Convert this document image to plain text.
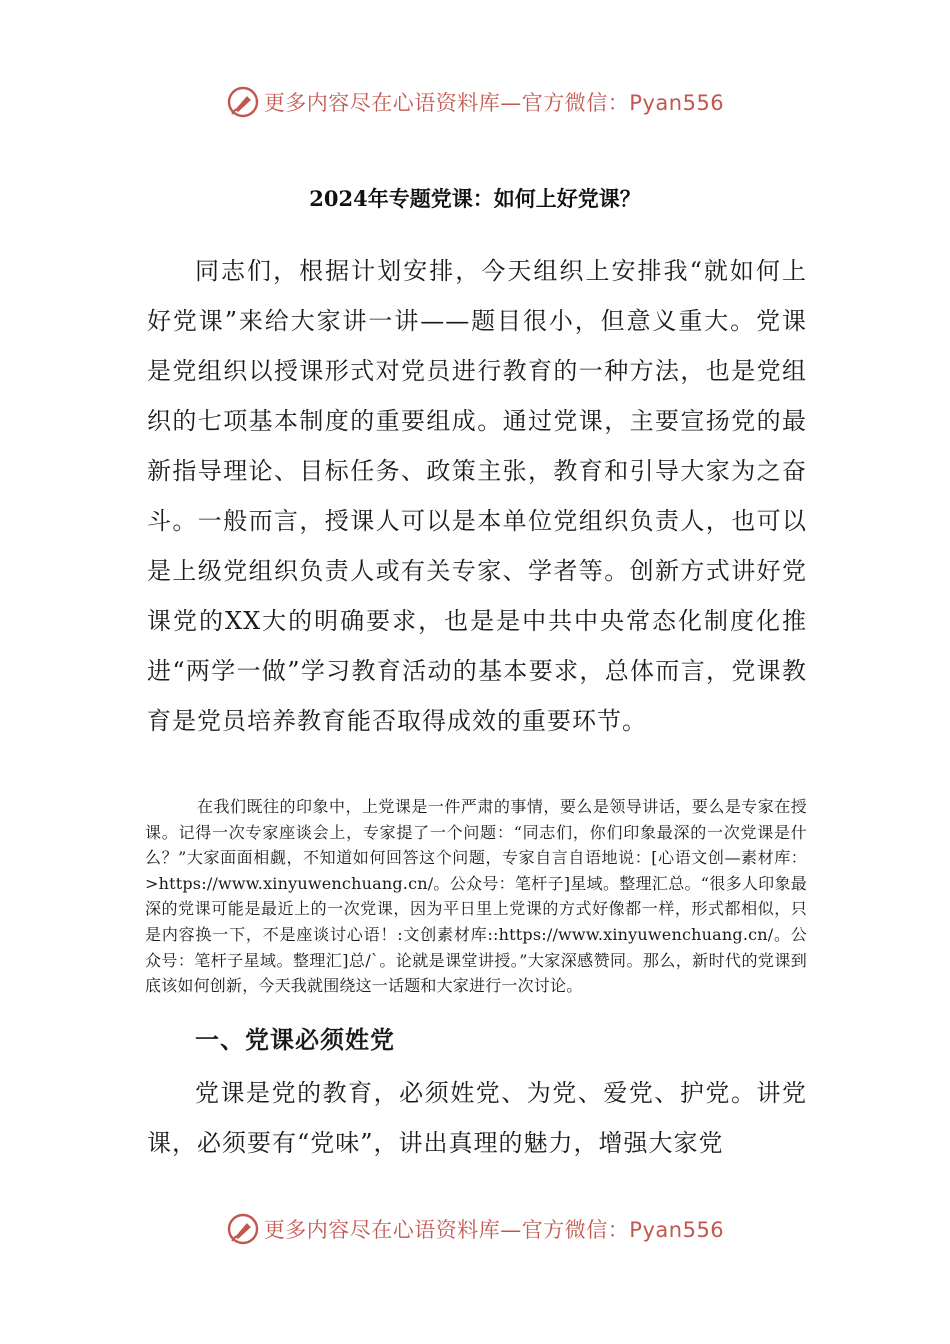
更多内容尽在心语资料库—官方微信：Pyan556
2024年专题党课：如何上好党课？

同志们，根据计划安排，今天组织上安排我“就如何上好党课”来给大家讲一讲——题目很小，但意义重大。党课是党组织以授课形式对党员进行教育的一种方法，也是党组织的七项基本制度的重要组成。通过党课，主要宣扬党的最新指导理论、目标任务、政策主张，教育和引导大家为之奋斗。一般而言，授课人可以是本单位党组织负责人，也可以是上级党组织负责人或有关专家、学者等。创新方式讲好党课党的XX大的明确要求，也是是中共中央常态化制度化推进“两学一做”学习教育活动的基本要求，总体而言，党课教育是党员培养教育能否取得成效的重要环节。

在我们既往的印象中，上党课是一件严肃的事情，要么是领导讲话，要么是专家在授课。记得一次专家座谈会上，专家提了一个问题：“同志们，你们印象最深的一次党课是什么？”大家面面相觑，不知道如何回答这个问题，专家自言自语地说：[心语文创—素材库：>https://www.xinyuwenchuang.cn/。公众号：笔杆子]星域。整理汇总。“很多人印象最深的党课可能是最近上的一次党课，因为平日里上党课的方式好像都一样，形式都相似，只是内容换一下，不是座谈讨心语！:文创素材库::https://www.xinyuwenchuang.cn/。公众号：笔杆子星域。整理汇]总/`。论就是课堂讲授。”大家深感赞同。那么，新时代的党课到底该如何创新，今天我就围绕这一话题和大家进行一次讨论。

一、党课必须姓党

党课是党的教育，必须姓党、为党、爱党、护党。讲党课，必须要有“党味”，讲出真理的魅力，增强大家党

更多内容尽在心语资料库—官方微信：Pyan556
